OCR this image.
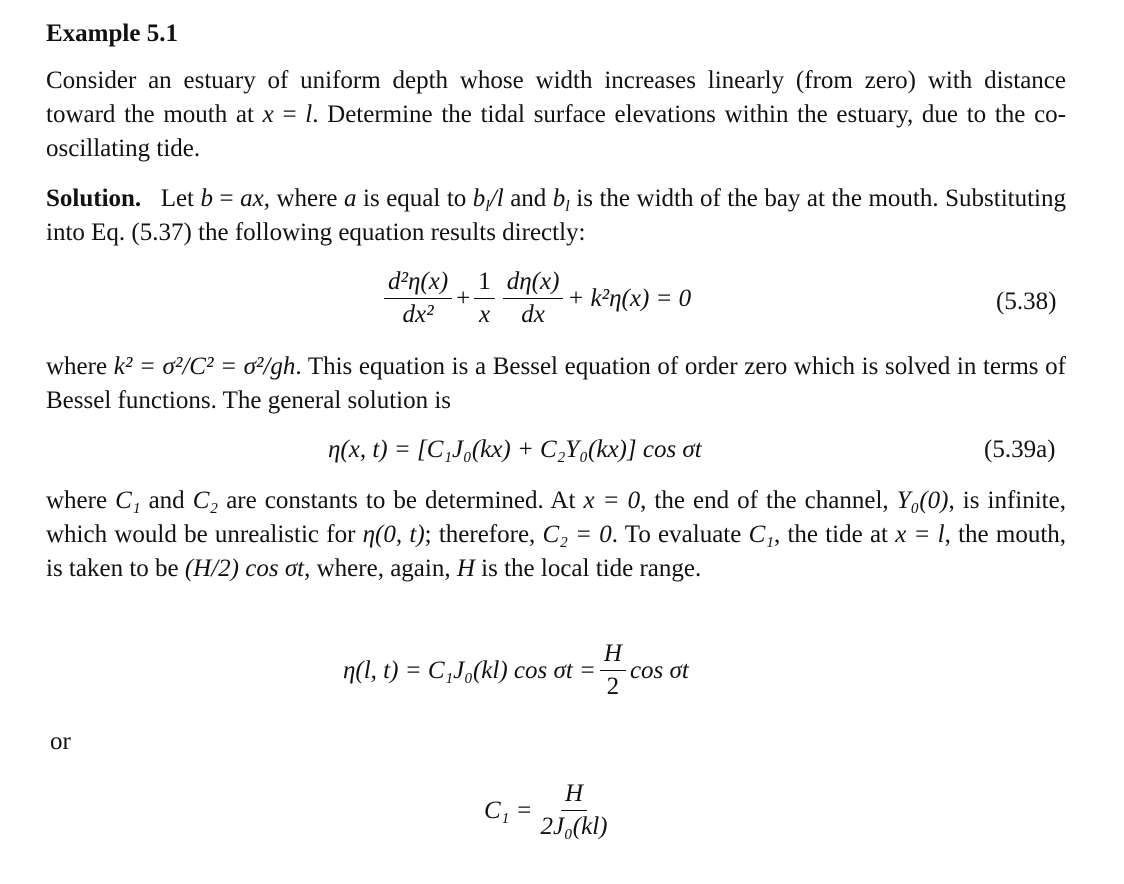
Example 5.1
Consider an estuary of uniform depth whose width increases linearly (from zero) with distance toward the mouth at x = l. Determine the tidal surface elevations within the estuary, due to the co-oscillating tide.
Solution. Let b = ax, where a is equal to $b_l/l$ and $b_l$ is the width of the bay at the mouth. Substituting into Eq. (5.37) the following equation results directly:
$\frac{\text{d²η(x)}}{\text{dx²}} + \frac{1}{x} \frac{d\eta(x)}{dx} + k^2\eta(x) = 0$	(5.38)
where k² = σ²/C² = σ²/gh. This equation is a Bessel equation of order zero which is solved in terms of Bessel functions. The general solution is
η(x, t) = [C₁J₀(kx) + C₂Y₀(kx)] cos σt	(5.39a)
where C₁ and C₂ are constants to be determined. At x = 0, the end of the channel, Y₀(0), is infinite, which would be unrealistic for η(0, t); therefore, C₂ = 0. To evaluate C₁, the tide at x = l, the mouth, is taken to be (H/2) cos σt, where, again, H is the local tide range.
η(l, t) = C₁J₀(kl) $\cos \sigma t = \frac{H}{2}$ cos σt
or
$C_1 = \frac{H}{\text{2J₀(kl)}}$
